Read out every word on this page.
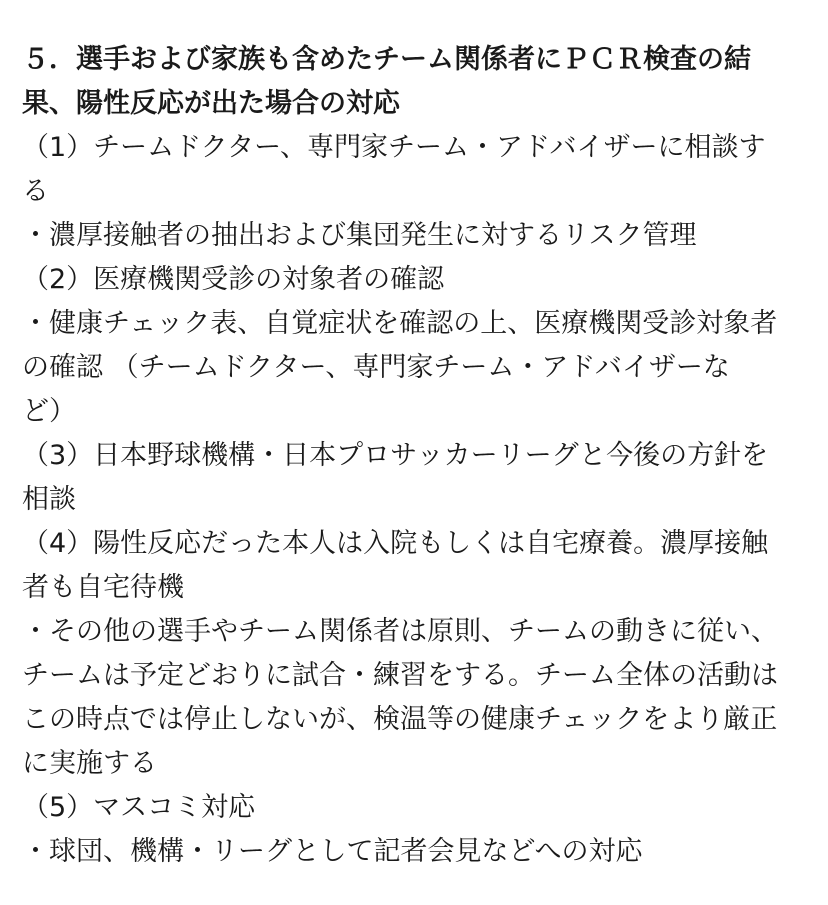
５．選手および家族も含めたチーム関係者にＰＣＲ検査の結
果、陽性反応が出た場合の対応
（1）チームドクター、専門家チーム・アドバイザーに相談す
る
・濃厚接触者の抽出および集団発生に対するリスク管理
（2）医療機関受診の対象者の確認
・健康チェック表、自覚症状を確認の上、医療機関受診対象者
の確認 （チームドクター、専門家チーム・アドバイザーな
ど）
（3）日本野球機構・日本プロサッカーリーグと今後の方針を
相談
（4）陽性反応だった本人は入院もしくは自宅療養。濃厚接触
者も自宅待機
・その他の選手やチーム関係者は原則、チームの動きに従い、
チームは予定どおりに試合・練習をする。チーム全体の活動は
この時点では停止しないが、検温等の健康チェックをより厳正
に実施する
（5）マスコミ対応
・球団、機構・リーグとして記者会見などへの対応
